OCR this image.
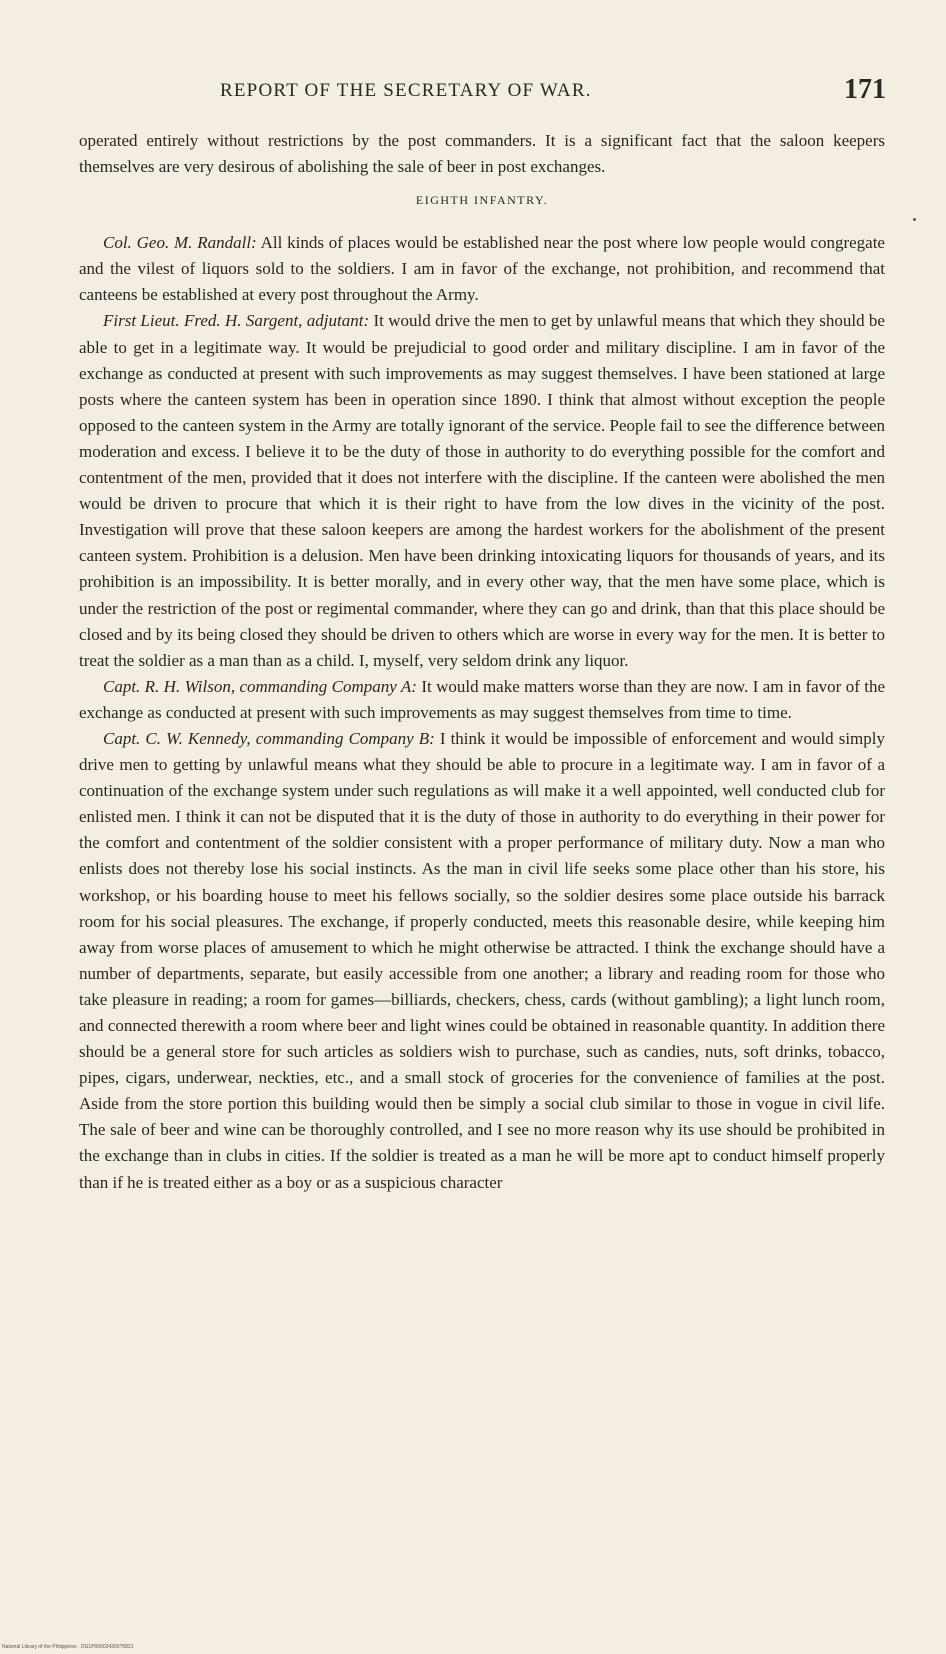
REPORT OF THE SECRETARY OF WAR.	171

operated entirely without restrictions by the post commanders. It is a significant fact that the saloon keepers themselves are very desirous of abolishing the sale of beer in post exchanges.

EIGHTH INFANTRY.

Col. Geo. M. Randall: All kinds of places would be established near the post where low people would congregate and the vilest of liquors sold to the soldiers. I am in favor of the exchange, not prohibition, and recommend that canteens be established at every post throughout the Army.

First Lieut. Fred. H. Sargent, adjutant: It would drive the men to get by unlawful means that which they should be able to get in a legitimate way. It would be prejudicial to good order and military discipline. I am in favor of the exchange as conducted at present with such improvements as may suggest themselves. I have been stationed at large posts where the canteen system has been in operation since 1890. I think that almost without exception the people opposed to the canteen system in the Army are totally ignorant of the service. People fail to see the difference between moderation and excess. I believe it to be the duty of those in authority to do everything possible for the comfort and contentment of the men, provided that it does not interfere with the discipline. If the canteen were abolished the men would be driven to procure that which it is their right to have from the low dives in the vicinity of the post. Investigation will prove that these saloon keepers are among the hardest workers for the abolishment of the present canteen system. Prohibition is a delusion. Men have been drinking intoxicating liquors for thousands of years, and its prohibition is an impossibility. It is better morally, and in every other way, that the men have some place, which is under the restriction of the post or regimental commander, where they can go and drink, than that this place should be closed and by its being closed they should be driven to others which are worse in every way for the men. It is better to treat the soldier as a man than as a child. I, myself, very seldom drink any liquor.

Capt. R. H. Wilson, commanding Company A: It would make matters worse than they are now. I am in favor of the exchange as conducted at present with such improvements as may suggest themselves from time to time.

Capt. C. W. Kennedy, commanding Company B: I think it would be impossible of enforcement and would simply drive men to getting by unlawful means what they should be able to procure in a legitimate way. I am in favor of a continuation of the exchange system under such regulations as will make it a well appointed, well conducted club for enlisted men. I think it can not be disputed that it is the duty of those in authority to do everything in their power for the comfort and contentment of the soldier consistent with a proper performance of military duty. Now a man who enlists does not thereby lose his social instincts. As the man in civil life seeks some place other than his store, his workshop, or his boarding house to meet his fellows socially, so the soldier desires some place outside his barrack room for his social pleasures. The exchange, if properly conducted, meets this reasonable desire, while keeping him away from worse places of amusement to which he might otherwise be attracted. I think the exchange should have a number of departments, separate, but easily accessible from one another; a library and reading room for those who take pleasure in reading; a room for games—billiards, checkers, chess, cards (without gambling); a light lunch room, and connected therewith a room where beer and light wines could be obtained in reasonable quantity. In addition there should be a general store for such articles as soldiers wish to purchase, such as candies, nuts, soft drinks, tobacco, pipes, cigars, underwear, neckties, etc., and a small stock of groceries for the convenience of families at the post. Aside from the store portion this building would then be simply a social club similar to those in vogue in civil life. The sale of beer and wine can be thoroughly controlled, and I see no more reason why its use should be prohibited in the exchange than in clubs in cities. If the soldier is treated as a man he will be more apt to conduct himself properly than if he is treated either as a boy or as a suspicious character

National Library of the Philippines · DG1P000034300?5831
